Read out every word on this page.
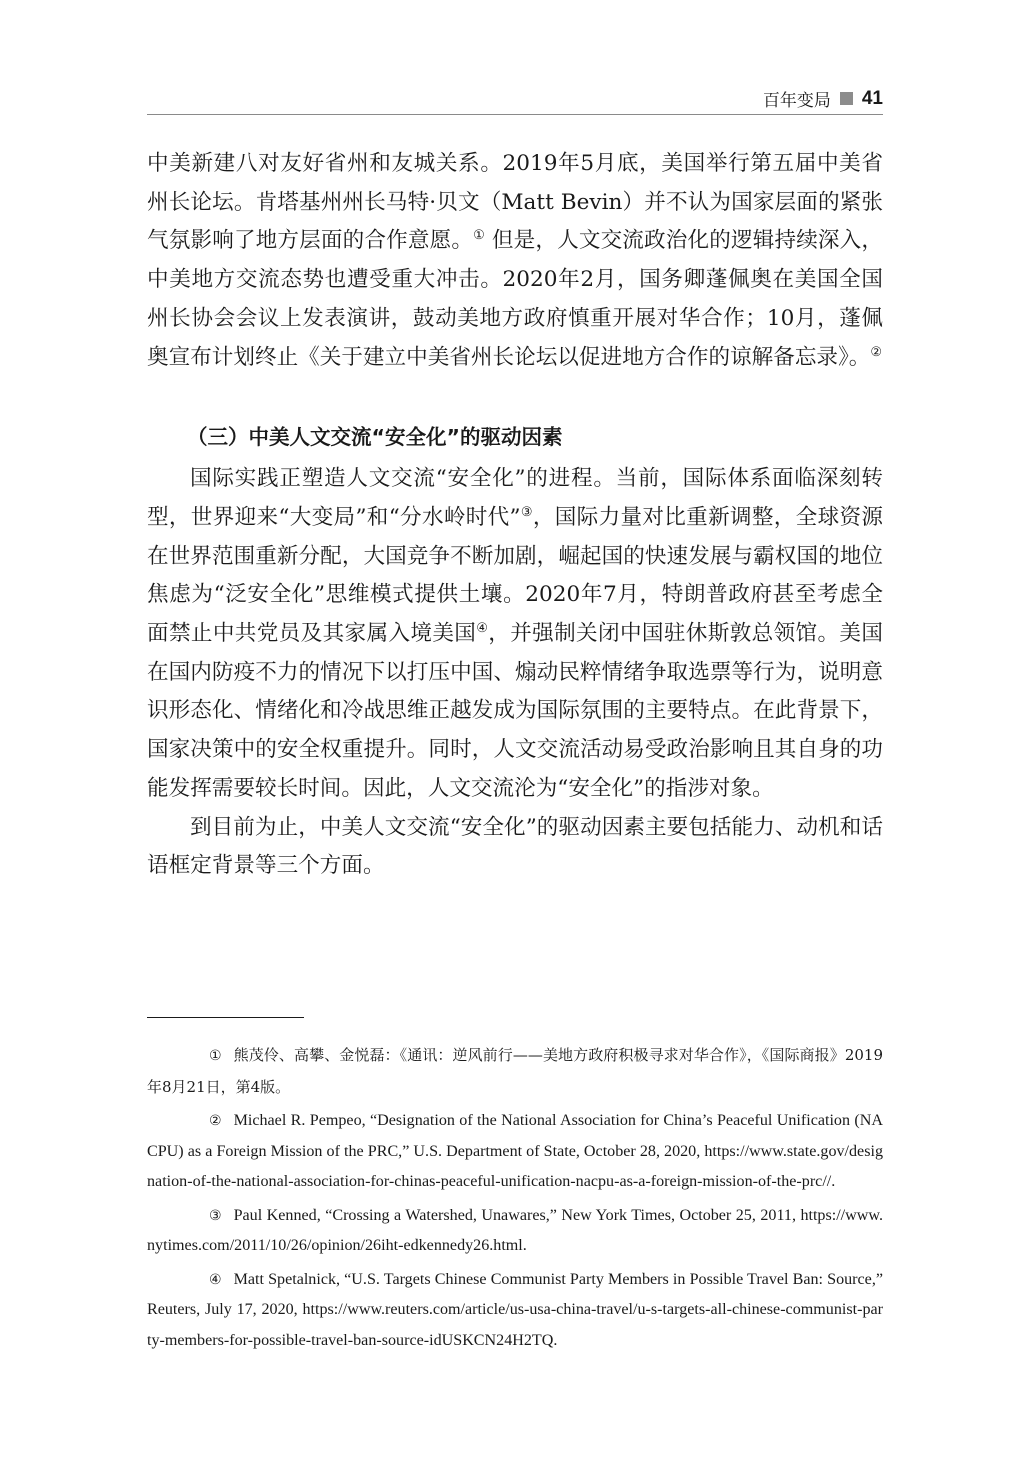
百年变局 41

中美新建八对友好省州和友城关系。2019年5月底，美国举行第五届中美省州长论坛。肯塔基州州长马特·贝文（Matt Bevin）并不认为国家层面的紧张气氛影响了地方层面的合作意愿。① 但是，人文交流政治化的逻辑持续深入，中美地方交流态势也遭受重大冲击。2020年2月，国务卿蓬佩奥在美国全国州长协会会议上发表演讲，鼓动美地方政府慎重开展对华合作；10月，蓬佩奥宣布计划终止《关于建立中美省州长论坛以促进地方合作的谅解备忘录》。②

（三）中美人文交流“安全化”的驱动因素

国际实践正塑造人文交流“安全化”的进程。当前，国际体系面临深刻转型，世界迎来“大变局”和“分水岭时代”③，国际力量对比重新调整，全球资源在世界范围重新分配，大国竞争不断加剧，崛起国的快速发展与霸权国的地位焦虑为“泛安全化”思维模式提供土壤。2020年7月，特朗普政府甚至考虑全面禁止中共党员及其家属入境美国④，并强制关闭中国驻休斯敦总领馆。美国在国内防疫不力的情况下以打压中国、煽动民粹情绪争取选票等行为，说明意识形态化、情绪化和冷战思维正越发成为国际氛围的主要特点。在此背景下，国家决策中的安全权重提升。同时，人文交流活动易受政治影响且其自身的功能发挥需要较长时间。因此，人文交流沦为“安全化”的指涉对象。

到目前为止，中美人文交流“安全化”的驱动因素主要包括能力、动机和话语框定背景等三个方面。

① 熊茂伶、高攀、金悦磊：《通讯：逆风前行——美地方政府积极寻求对华合作》，《国际商报》2019年8月21日，第4版。

② Michael R. Pempeo, “Designation of the National Association for China’s Peaceful Unification (NACPU) as a Foreign Mission of the PRC,” U.S. Department of State, October 28, 2020, https://www.state.gov/designation-of-the-national-association-for-chinas-peaceful-unification-nacpu-as-a-foreign-mission-of-the-prc//.

③ Paul Kenned, “Crossing a Watershed, Unawares,” New York Times, October 25, 2011, https://www.nytimes.com/2011/10/26/opinion/26iht-edkennedy26.html.

④ Matt Spetalnick, “U.S. Targets Chinese Communist Party Members in Possible Travel Ban: Source,” Reuters, July 17, 2020, https://www.reuters.com/article/us-usa-china-travel/u-s-targets-all-chinese-communist-party-members-for-possible-travel-ban-source-idUSKCN24H2TQ.
